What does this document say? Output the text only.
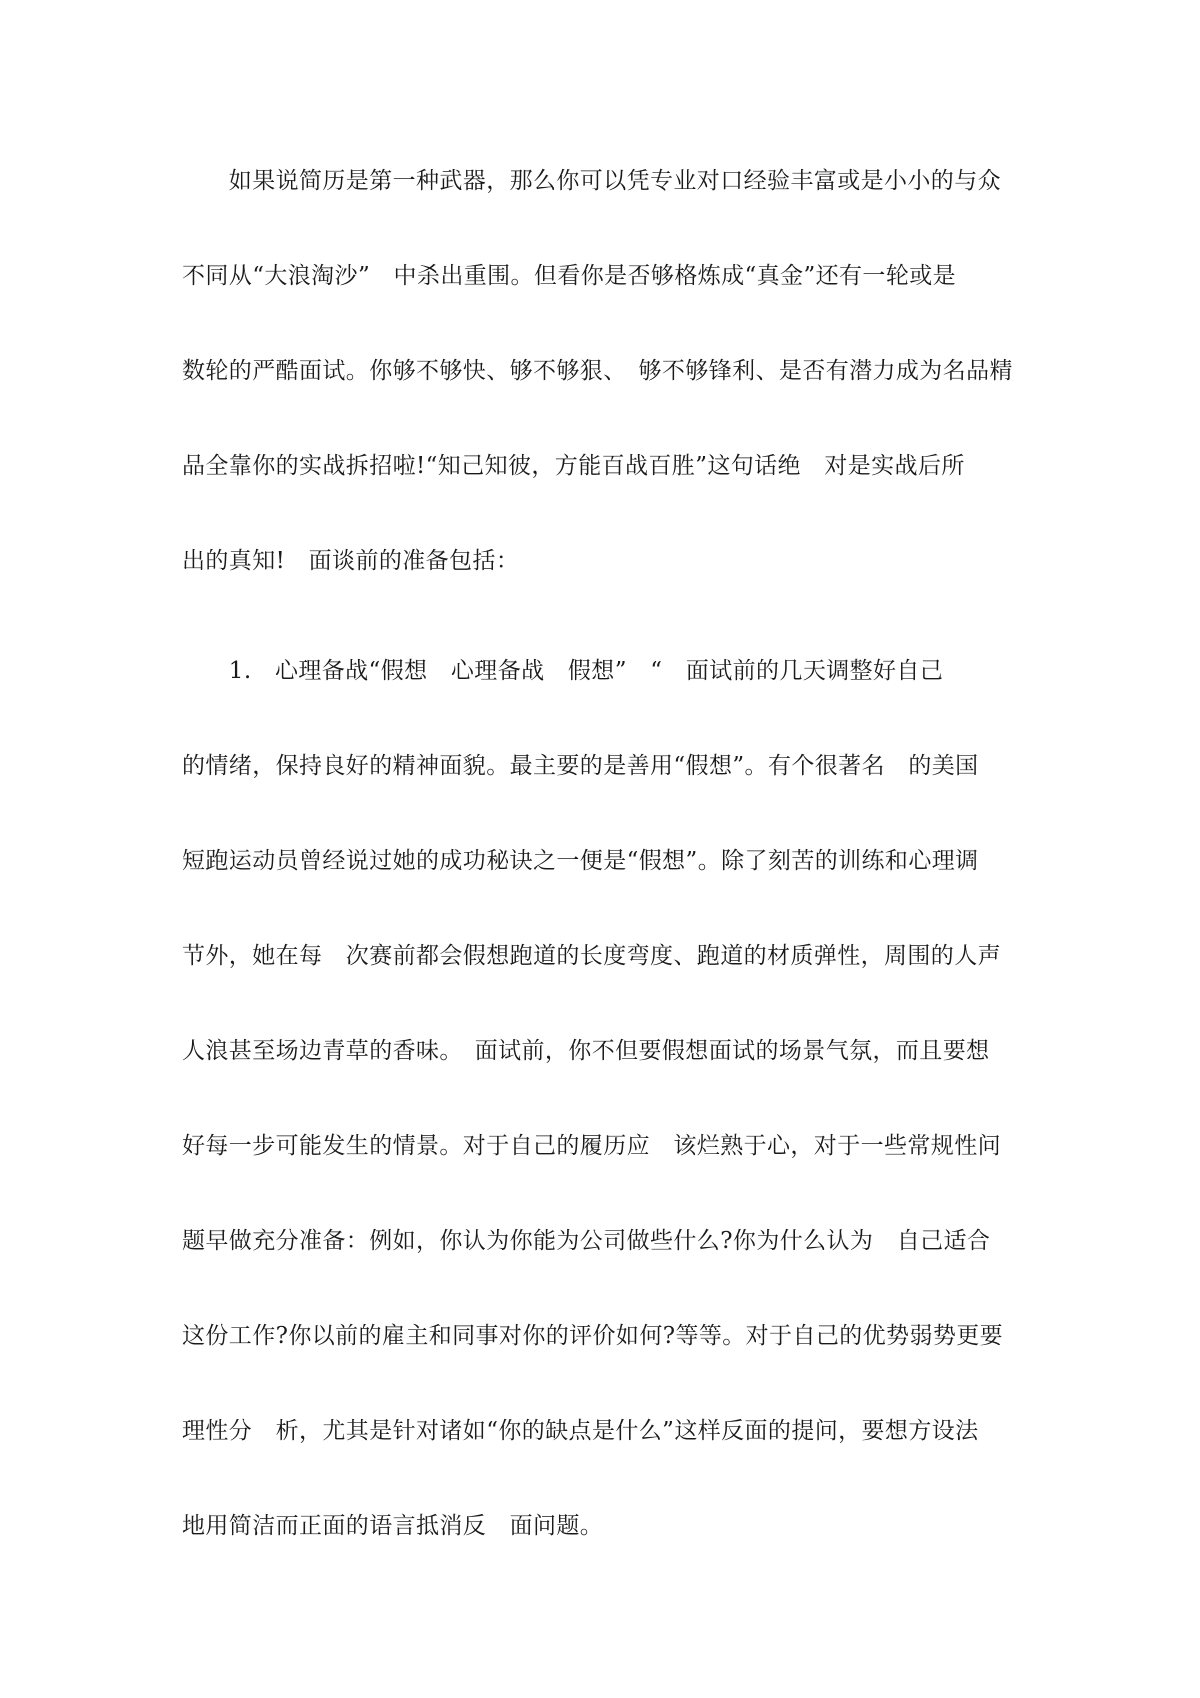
　　如果说简历是第一种武器，那么你可以凭专业对口经验丰富或是小小的与众
不同从“大浪淘沙”　中杀出重围。但看你是否够格炼成“真金”还有一轮或是
数轮的严酷面试。你够不够快、够不够狠、　够不够锋利、是否有潜力成为名品精
品全靠你的实战拆招啦!“知己知彼，方能百战百胜”这句话绝　对是实战后所
出的真知!　面谈前的准备包括：
　　1.　心理备战“假想　心理备战　假想”　“　面试前的几天调整好自己
的情绪，保持良好的精神面貌。最主要的是善用“假想”。有个很著名　的美国
短跑运动员曾经说过她的成功秘诀之一便是“假想”。除了刻苦的训练和心理调
节外，她在每　次赛前都会假想跑道的长度弯度、跑道的材质弹性，周围的人声
人浪甚至场边青草的香味。　面试前，你不但要假想面试的场景气氛，而且要想
好每一步可能发生的情景。对于自己的履历应　该烂熟于心，对于一些常规性问
题早做充分准备：例如，你认为你能为公司做些什么?你为什么认为　自己适合
这份工作?你以前的雇主和同事对你的评价如何?等等。对于自己的优势弱势更要
理性分　析，尤其是针对诸如“你的缺点是什么”这样反面的提问，要想方设法
地用简洁而正面的语言抵消反　面问题。
